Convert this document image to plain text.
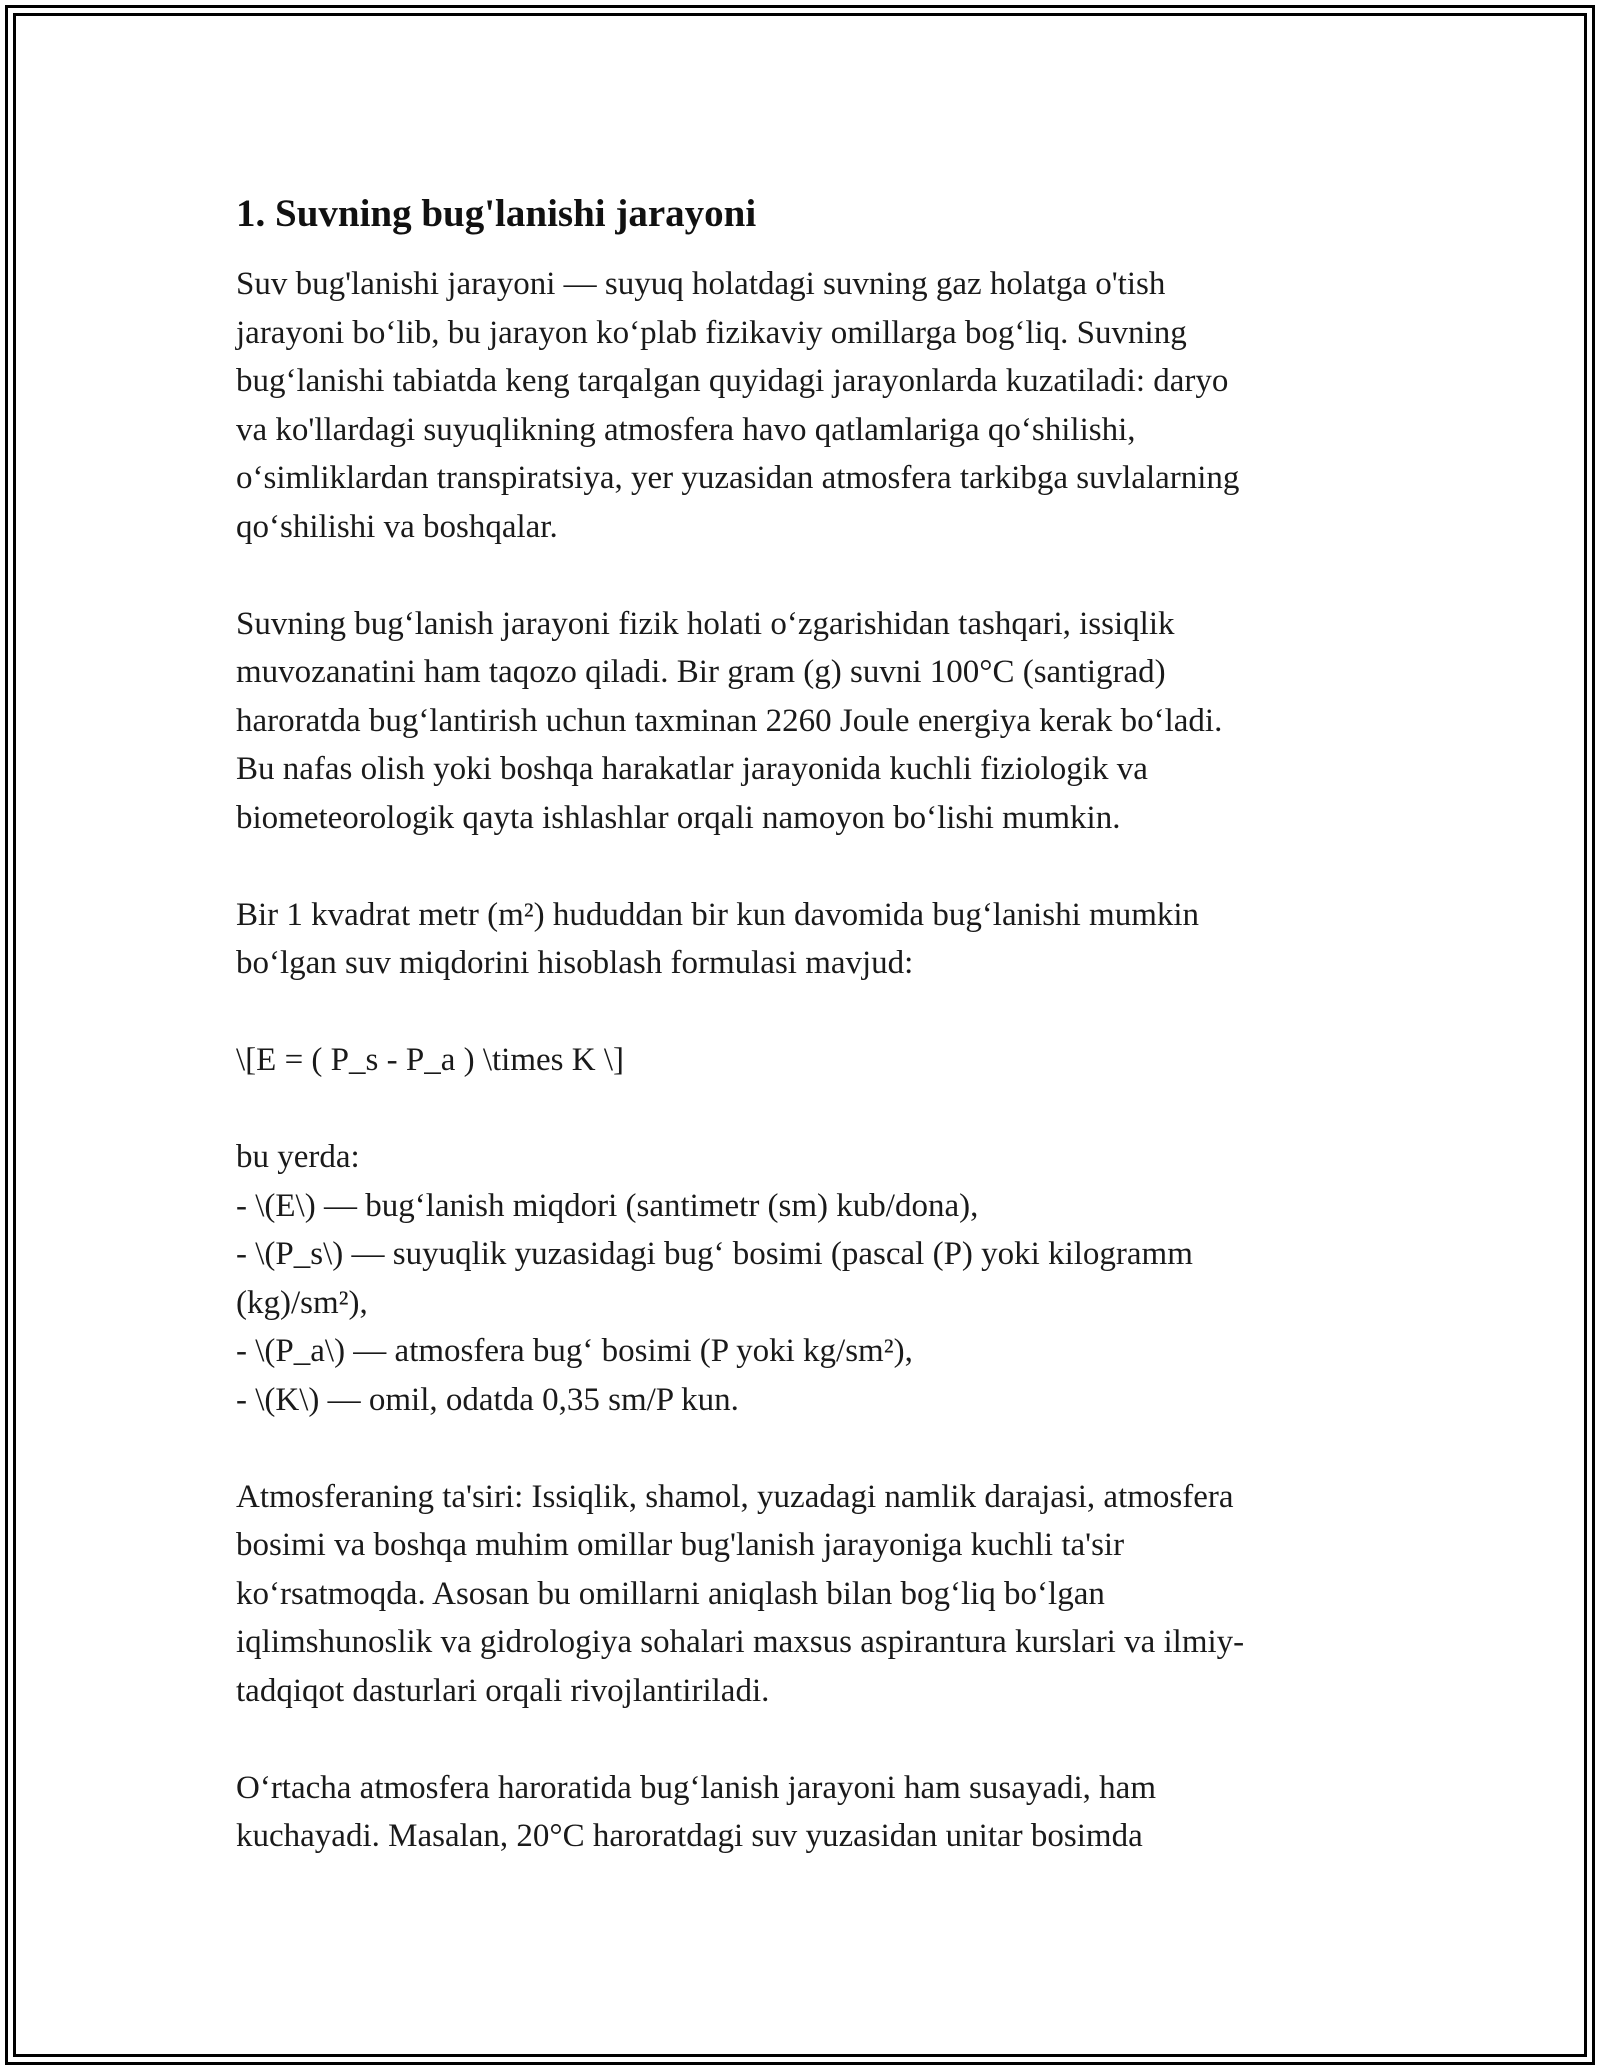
1. Suvning bug'lanishi jarayoni
Suv bug'lanishi jarayoni — suyuq holatdagi suvning gaz holatga o'tish
jarayoni bo‘lib, bu jarayon ko‘plab fizikaviy omillarga bog‘liq. Suvning
bug‘lanishi tabiatda keng tarqalgan quyidagi jarayonlarda kuzatiladi: daryo
va ko'llardagi suyuqlikning atmosfera havo qatlamlariga qo‘shilishi,
o‘simliklardan transpiratsiya, yer yuzasidan atmosfera tarkibga suvlalarning
qo‘shilishi va boshqalar.
Suvning bug‘lanish jarayoni fizik holati o‘zgarishidan tashqari, issiqlik
muvozanatini ham taqozo qiladi. Bir gram (g) suvni 100°C (santigrad)
haroratda bug‘lantirish uchun taxminan 2260 Joule energiya kerak bo‘ladi.
Bu nafas olish yoki boshqa harakatlar jarayonida kuchli fiziologik va
biometeorologik qayta ishlashlar orqali namoyon bo‘lishi mumkin.
Bir 1 kvadrat metr (m²) hududdan bir kun davomida bug‘lanishi mumkin
bo‘lgan suv miqdorini hisoblash formulasi mavjud:
\[E = ( P_s - P_a ) \times K \]
bu yerda:
- \(E\) — bug‘lanish miqdori (santimetr (sm) kub/dona),
- \(P_s\) — suyuqlik yuzasidagi bug‘ bosimi (pascal (P) yoki kilogramm
(kg)/sm²),
- \(P_a\) — atmosfera bug‘ bosimi (P yoki kg/sm²),
- \(K\) — omil, odatda 0,35 sm/P kun.
Atmosferaning ta'siri: Issiqlik, shamol, yuzadagi namlik darajasi, atmosfera
bosimi va boshqa muhim omillar bug'lanish jarayoniga kuchli ta'sir
ko‘rsatmoqda. Asosan bu omillarni aniqlash bilan bog‘liq bo‘lgan
iqlimshunoslik va gidrologiya sohalari maxsus aspirantura kurslari va ilmiy-
tadqiqot dasturlari orqali rivojlantiriladi.
O‘rtacha atmosfera haroratida bug‘lanish jarayoni ham susayadi, ham
kuchayadi. Masalan, 20°C haroratdagi suv yuzasidan unitar bosimda
